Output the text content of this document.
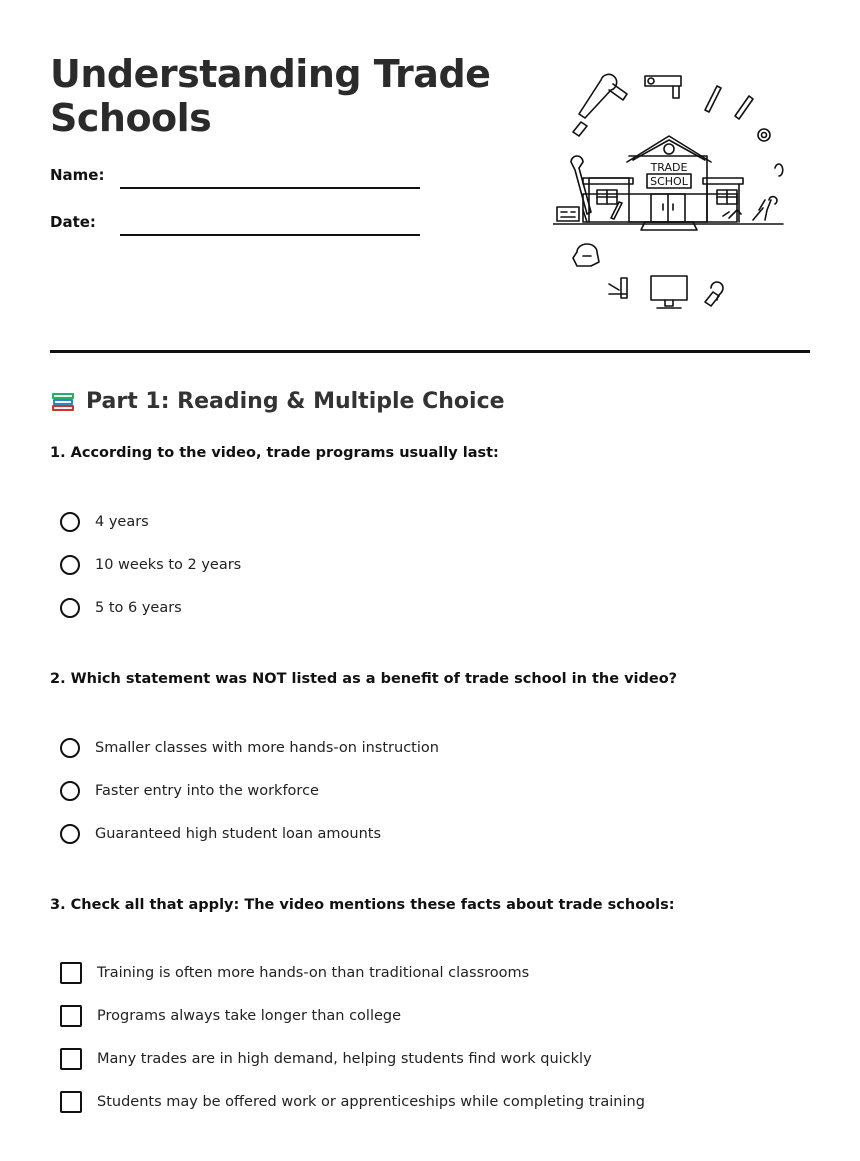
Understanding Trade Schools
Name:
Date:
TRADE
SCHOL
Part 1: Reading & Multiple Choice
1. According to the video, trade programs usually last:
4 years
10 weeks to 2 years
5 to 6 years
2. Which statement was NOT listed as a benefit of trade school in the video?
Smaller classes with more hands-on instruction
Faster entry into the workforce
Guaranteed high student loan amounts
3. Check all that apply: The video mentions these facts about trade schools:
Training is often more hands-on than traditional classrooms
Programs always take longer than college
Many trades are in high demand, helping students find work quickly
Students may be offered work or apprenticeships while completing training
